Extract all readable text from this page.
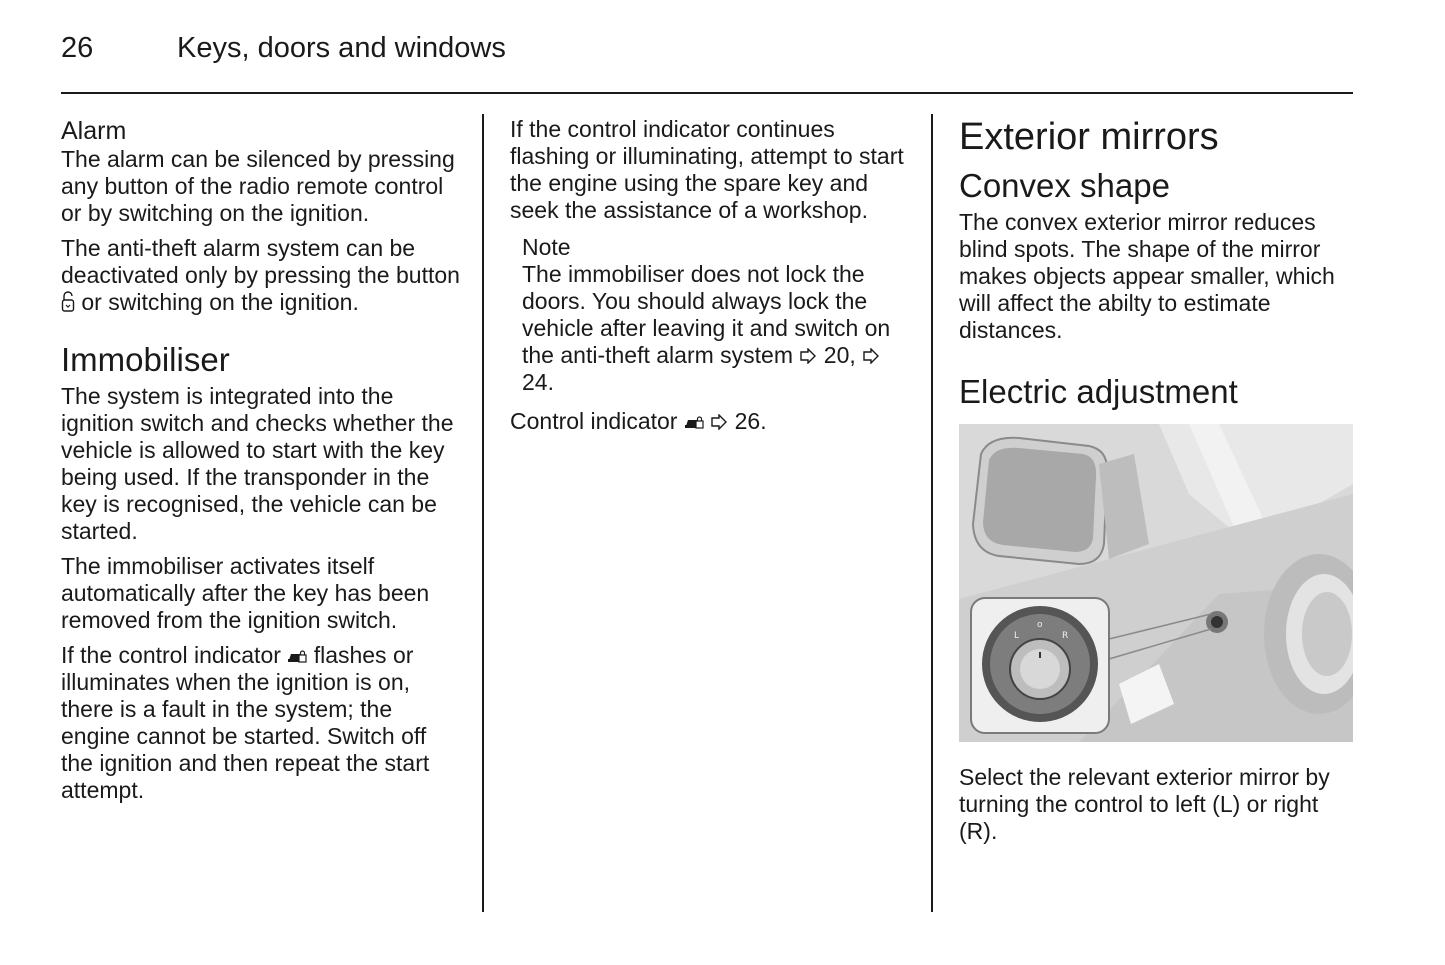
26	Keys, doors and windows
Alarm

The alarm can be silenced by pressing any button of the radio remote control or by switching on the ignition.

The anti-theft alarm system can be deactivated only by pressing the button  or switching on the ignition.

Immobiliser

The system is integrated into the ignition switch and checks whether the vehicle is allowed to start with the key being used. If the transponder in the key is recognised, the vehicle can be started.

The immobiliser activates itself automatically after the key has been removed from the ignition switch.

If the control indicator flashes or illuminates when the ignition is on, there is a fault in the system; the engine cannot be started. Switch off the ignition and then repeat the start attempt.

If the control indicator continues flashing or illuminating, attempt to start the engine using the spare key and seek the assistance of a workshop.

Note

The immobiliser does not lock the doors. You should always lock the vehicle after leaving it and switch on the anti-theft alarm system 20,  24.

Control indicator 26.

Exterior mirrors
Convex shape

The convex exterior mirror reduces blind spots. The shape of the mirror makes objects appear smaller, which will affect the abilty to estimate distances.

Electric adjustment
L
o
R

Select the relevant exterior mirror by turning the control to left (L) or right (R).
